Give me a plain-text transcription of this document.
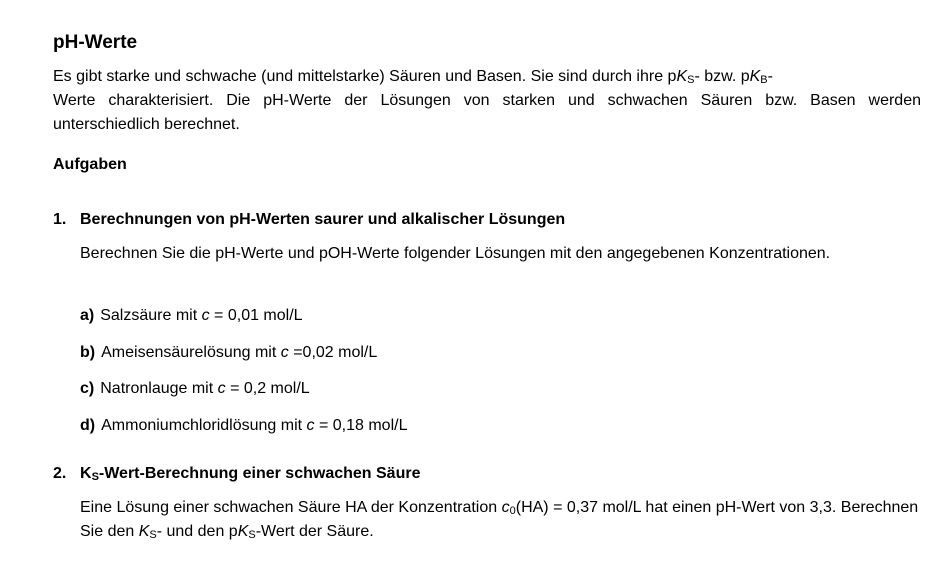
pH-Werte
Es gibt starke und schwache (und mittelstarke) Säuren und Basen. Sie sind durch ihre $pK_S-$ bzw. $pK_B-$
Werte charakterisiert. Die pH-Werte der Lösungen von starken und schwachen Säuren bzw. Basen werden unterschiedlich berechnet.
Aufgaben
1. Berechnungen von pH-Werten saurer und alkalischer Lösungen
Berechnen Sie die pH-Werte und pOH-Werte folgender Lösungen mit den angegebenen Konzentrationen.
a) Salzsäure mit c = 0,01 mol/L
b) Ameisensäurelösung mit c =0,02 mol/L
c) Natronlauge mit c = 0,2 mol/L
d) Ammoniumchloridlösung mit c = 0,18 mol/L
2. $K_S-Wert$-Berechnung einer schwachen Säure
Eine Lösung einer schwachen Säure HA der Konzentration $c_0(HA) = 0,37$ mol/L hat einen pH-Wert von 3,3. Berechnen Sie den $K_S-$ und den $pK_S$-Wert der Säure.
